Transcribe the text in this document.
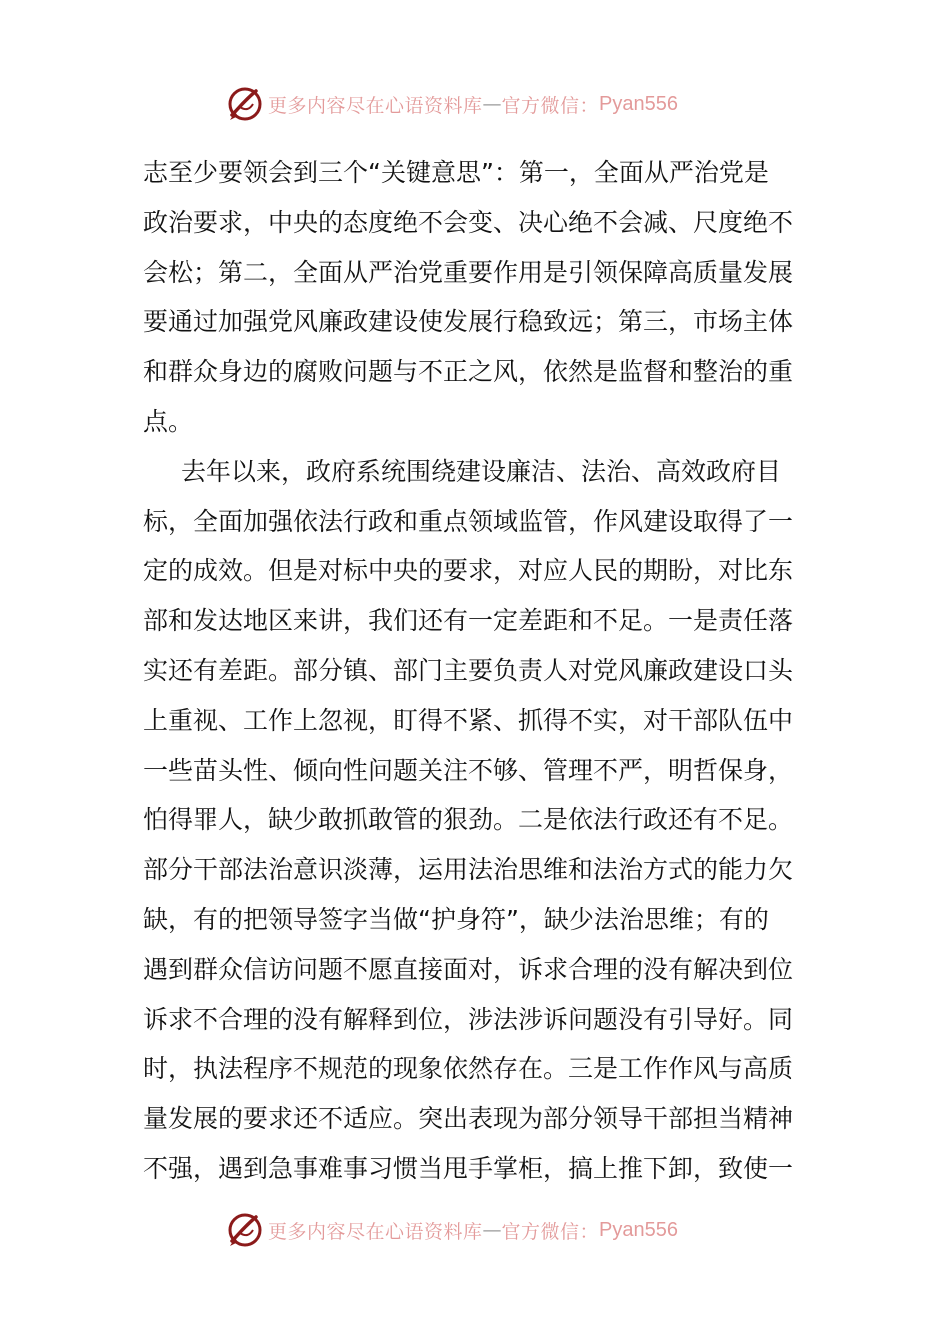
更多内容尽在心语资料库 — 官方微信： Pyan556
志至少要领会到三个“关键意思”：第一，全面从严治党是
政治要求，中央的态度绝不会变、决心绝不会减、尺度绝不
会松；第二，全面从严治党重要作用是引领保障高质量发展
要通过加强党风廉政建设使发展行稳致远；第三，市场主体
和群众身边的腐败问题与不正之风，依然是监督和整治的重
点。
去年以来，政府系统围绕建设廉洁、法治、高效政府目
标，全面加强依法行政和重点领域监管，作风建设取得了一
定的成效。但是对标中央的要求，对应人民的期盼，对比东
部和发达地区来讲，我们还有一定差距和不足。一是责任落
实还有差距。部分镇、部门主要负责人对党风廉政建设口头
上重视、工作上忽视，盯得不紧、抓得不实，对干部队伍中
一些苗头性、倾向性问题关注不够、管理不严，明哲保身，
怕得罪人，缺少敢抓敢管的狠劲。二是依法行政还有不足。
部分干部法治意识淡薄，运用法治思维和法治方式的能力欠
缺，有的把领导签字当做“护身符”，缺少法治思维；有的
遇到群众信访问题不愿直接面对，诉求合理的没有解决到位
诉求不合理的没有解释到位，涉法涉诉问题没有引导好。同
时，执法程序不规范的现象依然存在。三是工作作风与高质
量发展的要求还不适应。突出表现为部分领导干部担当精神
不强，遇到急事难事习惯当甩手掌柜，搞上推下卸，致使一
更多内容尽在心语资料库 — 官方微信： Pyan556
